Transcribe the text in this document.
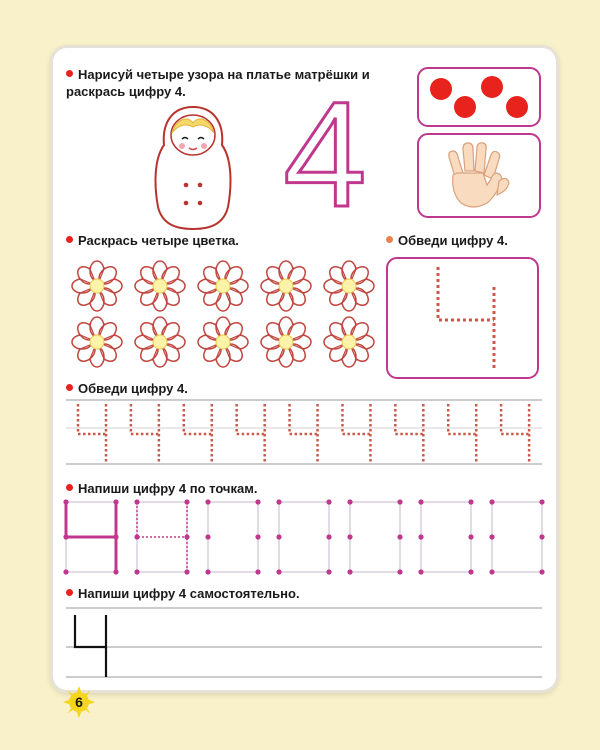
Нарисуй четыре узора на платье матрёшки и раскрась цифру 4. 4
Раскрась четыре цветка.	Обведи цифру 4.
Обведи цифру 4.
Напиши цифру 4 по точкам.
Напиши цифру 4 самостоятельно.
6
